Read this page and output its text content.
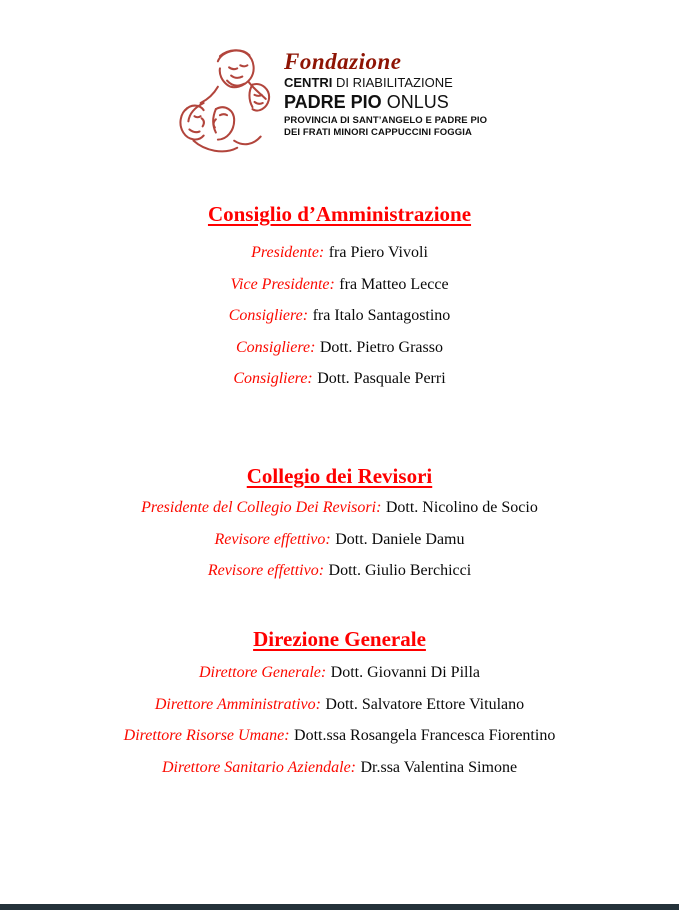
Fondazione
CENTRI DI RIABILITAZIONE
PADRE PIO ONLUS
PROVINCIA DI SANT’ANGELO E PADRE PIO
DEI FRATI MINORI CAPPUCCINI FOGGIA
Consiglio d’Amministrazione
Presidente: fra Piero Vivoli
Vice Presidente: fra Matteo Lecce
Consigliere: fra Italo Santagostino
Consigliere: Dott. Pietro Grasso
Consigliere: Dott. Pasquale Perri
Collegio dei Revisori
Presidente del Collegio Dei Revisori: Dott. Nicolino de Socio
Revisore effettivo: Dott. Daniele Damu
Revisore effettivo: Dott. Giulio Berchicci
Direzione Generale
Direttore Generale: Dott. Giovanni Di Pilla
Direttore Amministrativo: Dott. Salvatore Ettore Vitulano
Direttore Risorse Umane: Dott.ssa Rosangela Francesca Fiorentino
Direttore Sanitario Aziendale: Dr.ssa Valentina Simone
